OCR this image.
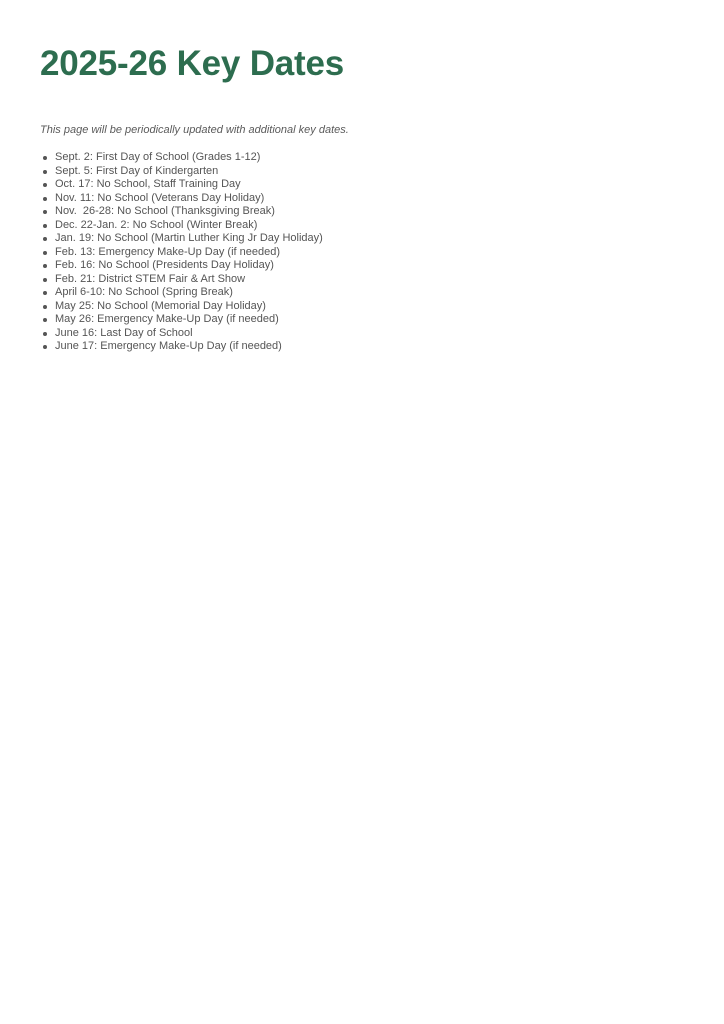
2025-26 Key Dates

This page will be periodically updated with additional key dates.

Sept. 2: First Day of School (Grades 1-12)
Sept. 5: First Day of Kindergarten
Oct. 17: No School, Staff Training Day
Nov. 11: No School (Veterans Day Holiday)
Nov.  26-28: No School (Thanksgiving Break)
Dec. 22-Jan. 2: No School (Winter Break)
Jan. 19: No School (Martin Luther King Jr Day Holiday)
Feb. 13: Emergency Make-Up Day (if needed)
Feb. 16: No School (Presidents Day Holiday)
Feb. 21: District STEM Fair & Art Show
April 6-10: No School (Spring Break)
May 25: No School (Memorial Day Holiday)
May 26: Emergency Make-Up Day (if needed)
June 16: Last Day of School
June 17: Emergency Make-Up Day (if needed)
